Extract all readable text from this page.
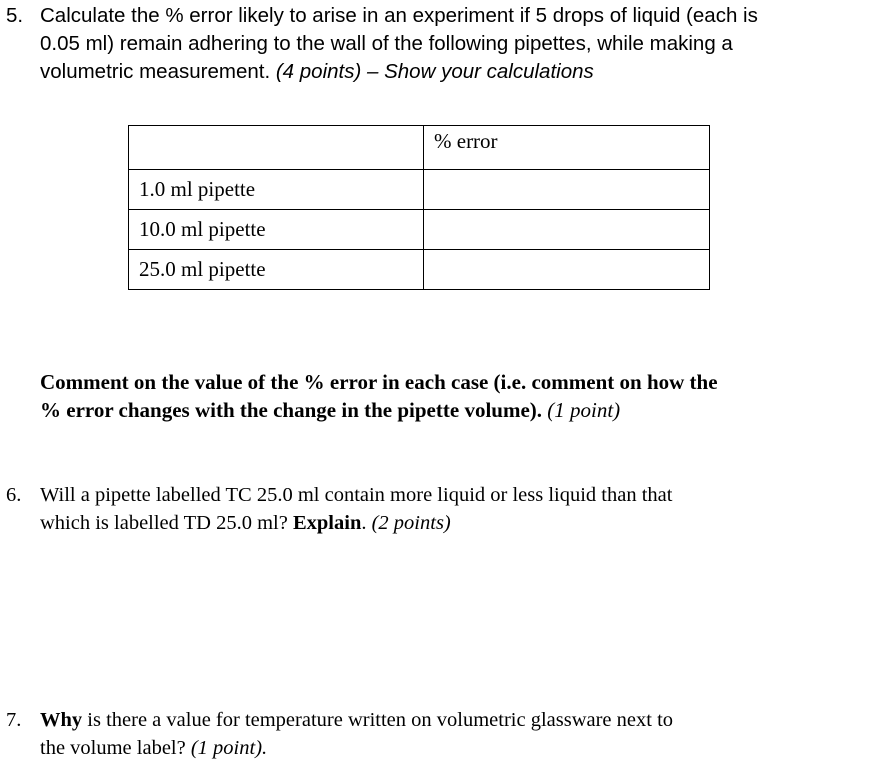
5. Calculate the % error likely to arise in an experiment if 5 drops of liquid (each is
0.05 ml) remain adhering to the wall of the following pipettes, while making a
volumetric measurement. (4 points) – Show your calculations
	% error
1.0 ml pipette	
10.0 ml pipette	
25.0 ml pipette	
Comment on the value of the % error in each case (i.e. comment on how the
% error changes with the change in the pipette volume). (1 point)
6. Will a pipette labelled TC 25.0 ml contain more liquid or less liquid than that
which is labelled TD 25.0 ml? Explain. (2 points)
7. Why is there a value for temperature written on volumetric glassware next to
the volume label? (1 point).
